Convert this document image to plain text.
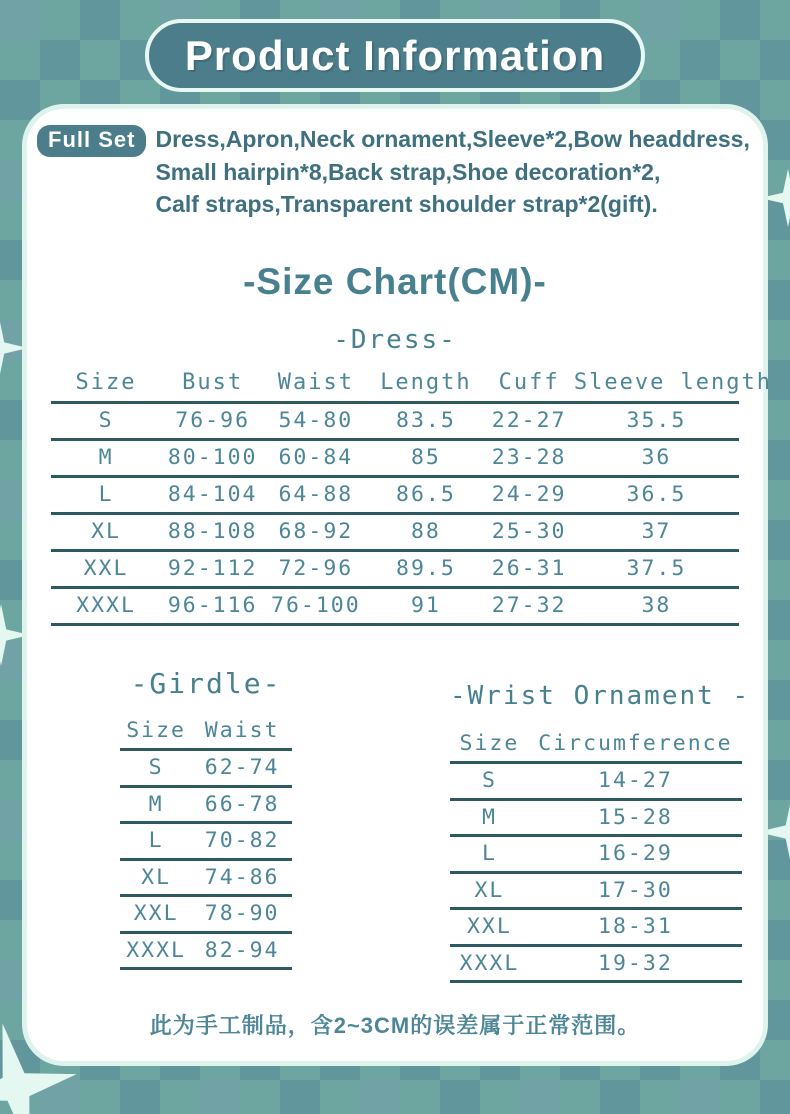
Product Information
Full Set Dress,Apron,Neck ornament,Sleeve*2,Bow headdress,
Small hairpin*8,Back strap,Shoe decoration*2,
Calf straps,Transparent shoulder strap*2(gift).
-Size Chart(CM)-
-Dress-
Size	Bust	Waist	Length	Cuff	Sleeve length
S	76-96	54-80	83.5	22-27	35.5
M	80-100	60-84	85	23-28	36
L	84-104	64-88	86.5	24-29	36.5
XL	88-108	68-92	88	25-30	37
XXL	92-112	72-96	89.5	26-31	37.5
XXXL	96-116	76-100	91	27-32	38
-Girdle-
Size	Waist
S	62-74
M	66-78
L	70-82
XL	74-86
XXL	78-90
XXXL	82-94
-Wrist Ornament -
Size	Circumference
S	14-27
M	15-28
L	16-29
XL	17-30
XXL	18-31
XXXL	19-32

此为手工制品，含2~3CM的误差属于正常范围。
